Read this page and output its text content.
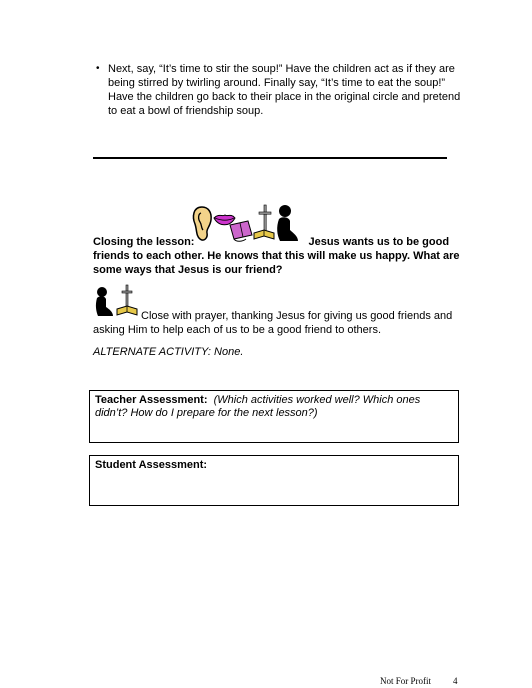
• Next, say, “It’s time to stir the soup!” Have the children act as if they are being stirred by twirling around. Finally say, “It’s time to eat the soup!” Have the children go back to their place in the original circle and pretend to eat a bowl of friendship soup.

Closing the lesson:	Jesus wants us to be good friends to each other. He knows that this will make us happy. What are some ways that Jesus is our friend?
Close with prayer, thanking Jesus for giving us good friends and asking Him to help each of us to be a good friend to others.
ALTERNATE ACTIVITY: None.
Teacher Assessment: (Which activities worked well? Which ones didn’t? How do I prepare for the next lesson?)
Student Assessment:
Not For Profit 4
